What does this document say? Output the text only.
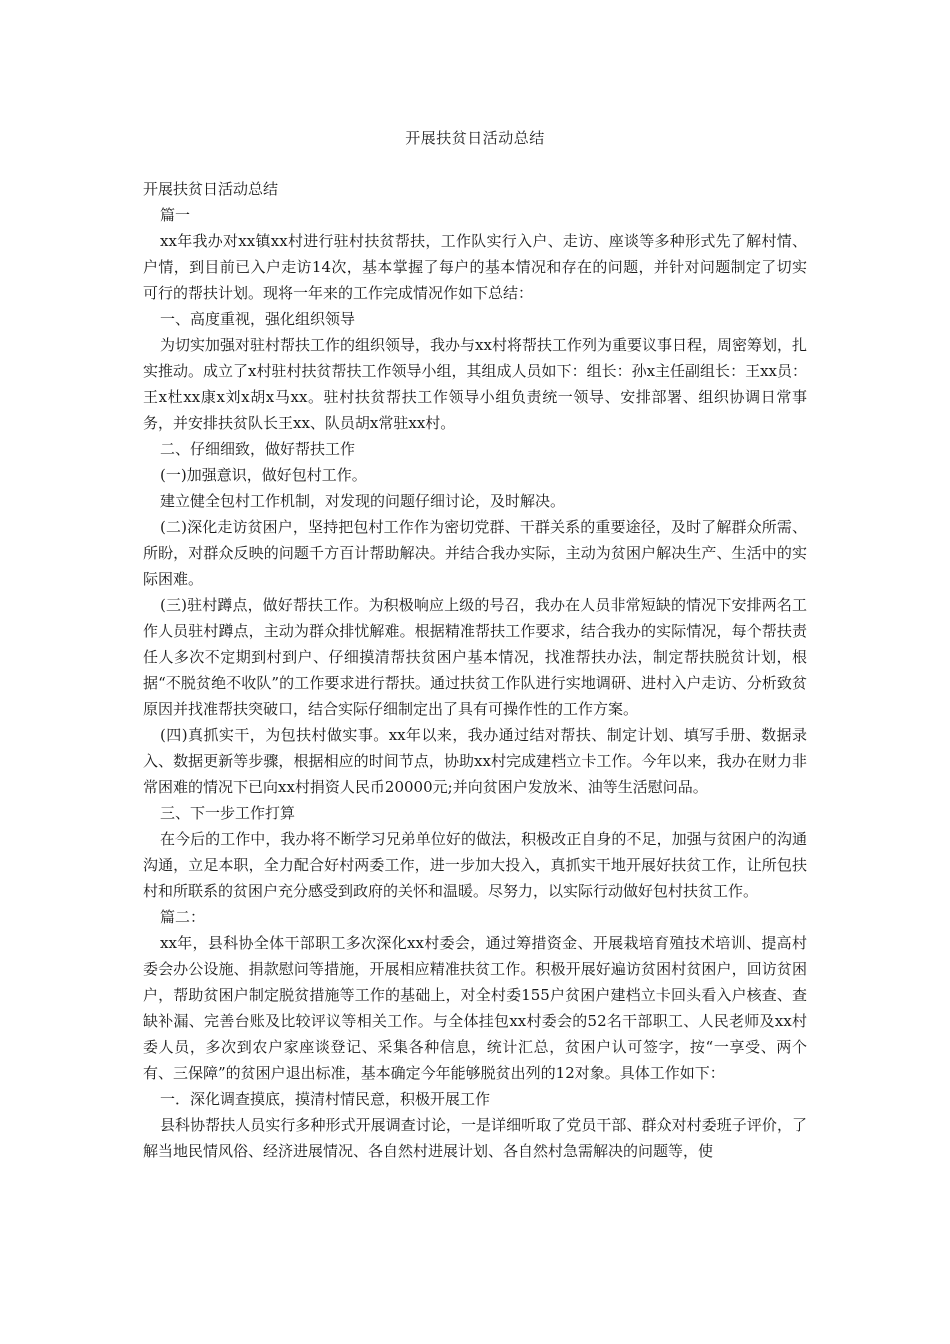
开展扶贫日活动总结

开展扶贫日活动总结

篇一

xx年我办对xx镇xx村进行驻村扶贫帮扶，工作队实行入户、走访、座谈等多种形式先了解村情、户情，到目前已入户走访14次，基本掌握了每户的基本情况和存在的问题，并针对问题制定了切实可行的帮扶计划。现将一年来的工作完成情况作如下总结：

一、高度重视，强化组织领导

为切实加强对驻村帮扶工作的组织领导，我办与xx村将帮扶工作列为重要议事日程，周密筹划，扎实推动。成立了x村驻村扶贫帮扶工作领导小组，其组成人员如下：组长：孙x主任副组长：王xx员：王x杜xx康x刘x胡x马xx。驻村扶贫帮扶工作领导小组负责统一领导、安排部署、组织协调日常事务，并安排扶贫队长王xx、队员胡x常驻xx村。

二、仔细细致，做好帮扶工作

(一)加强意识，做好包村工作。

建立健全包村工作机制，对发现的问题仔细讨论，及时解决。

(二)深化走访贫困户，坚持把包村工作作为密切党群、干群关系的重要途径，及时了解群众所需、所盼，对群众反映的问题千方百计帮助解决。并结合我办实际，主动为贫困户解决生产、生活中的实际困难。

(三)驻村蹲点，做好帮扶工作。为积极响应上级的号召，我办在人员非常短缺的情况下安排两名工作人员驻村蹲点，主动为群众排忧解难。根据精准帮扶工作要求，结合我办的实际情况，每个帮扶责任人多次不定期到村到户、仔细摸清帮扶贫困户基本情况，找准帮扶办法，制定帮扶脱贫计划，根据“不脱贫绝不收队”的工作要求进行帮扶。通过扶贫工作队进行实地调研、进村入户走访、分析致贫原因并找准帮扶突破口，结合实际仔细制定出了具有可操作性的工作方案。

(四)真抓实干，为包扶村做实事。xx年以来，我办通过结对帮扶、制定计划、填写手册、数据录入、数据更新等步骤，根据相应的时间节点，协助xx村完成建档立卡工作。今年以来，我办在财力非常困难的情况下已向xx村捐资人民币20000元;并向贫困户发放米、油等生活慰问品。

三、下一步工作打算

在今后的工作中，我办将不断学习兄弟单位好的做法，积极改正自身的不足，加强与贫困户的沟通沟通，立足本职，全力配合好村两委工作，进一步加大投入，真抓实干地开展好扶贫工作，让所包扶村和所联系的贫困户充分感受到政府的关怀和温暖。尽努力，以实际行动做好包村扶贫工作。

篇二：

xx年，县科协全体干部职工多次深化xx村委会，通过筹措资金、开展栽培育殖技术培训、提高村委会办公设施、捐款慰问等措施，开展相应精准扶贫工作。积极开展好遍访贫困村贫困户，回访贫困户，帮助贫困户制定脱贫措施等工作的基础上，对全村委155户贫困户建档立卡回头看入户核查、查缺补漏、完善台账及比较评议等相关工作。与全体挂包xx村委会的52名干部职工、人民老师及xx村委人员，多次到农户家座谈登记、采集各种信息，统计汇总，贫困户认可签字，按“一享受、两个有、三保障”的贫困户退出标准，基本确定今年能够脱贫出列的12对象。具体工作如下：

一．深化调查摸底，摸清村情民意，积极开展工作

县科协帮扶人员实行多种形式开展调查讨论，一是详细听取了党员干部、群众对村委班子评价，了解当地民情风俗、经济进展情况、各自然村进展计划、各自然村急需解决的问题等，使
